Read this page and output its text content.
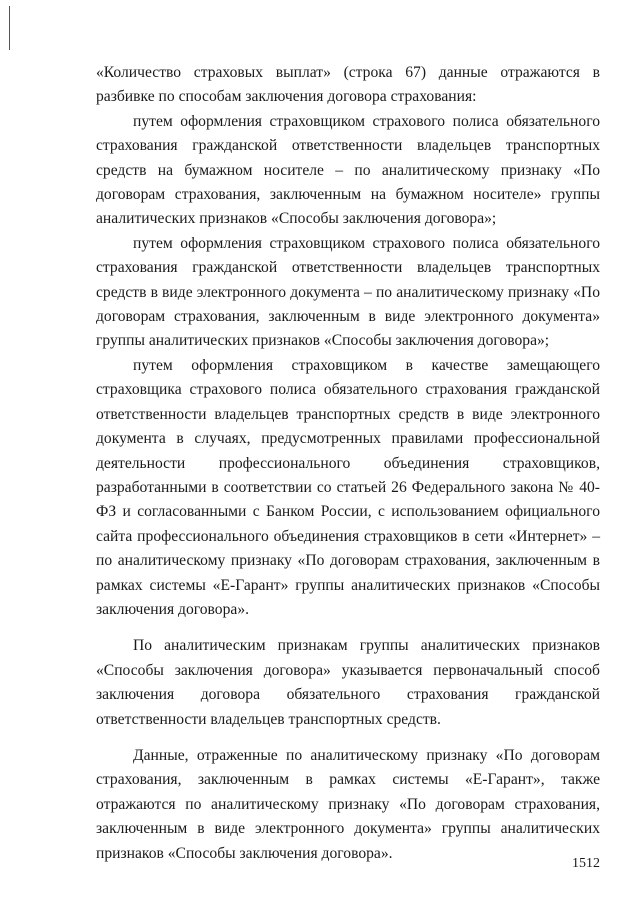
«Количество страховых выплат» (строка 67) данные отражаются в разбивке по способам заключения договора страхования:

путем оформления страховщиком страхового полиса обязательного страхования гражданской ответственности владельцев транспортных средств на бумажном носителе – по аналитическому признаку «По договорам страхования, заключенным на бумажном носителе» группы аналитических признаков «Способы заключения договора»;

путем оформления страховщиком страхового полиса обязательного страхования гражданской ответственности владельцев транспортных средств в виде электронного документа – по аналитическому признаку «По договорам страхования, заключенным в виде электронного документа» группы аналитических признаков «Способы заключения договора»;

путем оформления страховщиком в качестве замещающего страховщика страхового полиса обязательного страхования гражданской ответственности владельцев транспортных средств в виде электронного документа в случаях, предусмотренных правилами профессиональной деятельности профессионального объединения страховщиков, разработанными в соответствии со статьей 26 Федерального закона № 40-ФЗ и согласованными с Банком России, с использованием официального сайта профессионального объединения страховщиков в сети «Интернет» – по аналитическому признаку «По договорам страхования, заключенным в рамках системы «Е-Гарант» группы аналитических признаков «Способы заключения договора».

По аналитическим признакам группы аналитических признаков «Способы заключения договора» указывается первоначальный способ заключения договора обязательного страхования гражданской ответственности владельцев транспортных средств.

Данные, отраженные по аналитическому признаку «По договорам страхования, заключенным в рамках системы «Е-Гарант», также отражаются по аналитическому признаку «По договорам страхования, заключенным в виде электронного документа» группы аналитических признаков «Способы заключения договора».

1512
